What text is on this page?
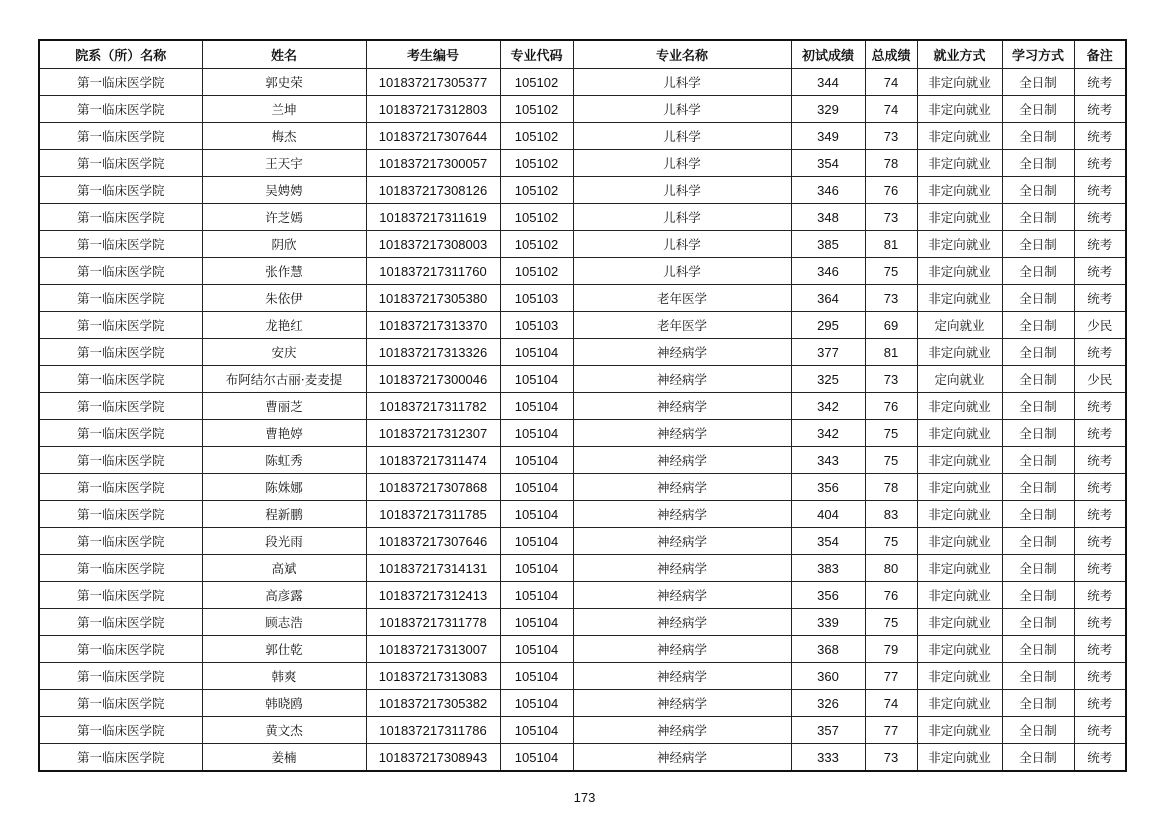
院系（所）名称	姓名	考生编号	专业代码	专业名称	初试成绩	总成绩	就业方式	学习方式	备注
第一临床医学院	郭史荣	101837217305377	105102	儿科学	344	74	非定向就业	全日制	统考
第一临床医学院	兰坤	101837217312803	105102	儿科学	329	74	非定向就业	全日制	统考
第一临床医学院	梅杰	101837217307644	105102	儿科学	349	73	非定向就业	全日制	统考
第一临床医学院	王天宇	101837217300057	105102	儿科学	354	78	非定向就业	全日制	统考
第一临床医学院	吴娉娉	101837217308126	105102	儿科学	346	76	非定向就业	全日制	统考
第一临床医学院	许芝嫣	101837217311619	105102	儿科学	348	73	非定向就业	全日制	统考
第一临床医学院	阴欣	101837217308003	105102	儿科学	385	81	非定向就业	全日制	统考
第一临床医学院	张作慧	101837217311760	105102	儿科学	346	75	非定向就业	全日制	统考
第一临床医学院	朱依伊	101837217305380	105103	老年医学	364	73	非定向就业	全日制	统考
第一临床医学院	龙艳红	101837217313370	105103	老年医学	295	69	定向就业	全日制	少民
第一临床医学院	安庆	101837217313326	105104	神经病学	377	81	非定向就业	全日制	统考
第一临床医学院	布阿结尔古丽·麦麦提	101837217300046	105104	神经病学	325	73	定向就业	全日制	少民
第一临床医学院	曹丽芝	101837217311782	105104	神经病学	342	76	非定向就业	全日制	统考
第一临床医学院	曹艳婷	101837217312307	105104	神经病学	342	75	非定向就业	全日制	统考
第一临床医学院	陈虹秀	101837217311474	105104	神经病学	343	75	非定向就业	全日制	统考
第一临床医学院	陈姝娜	101837217307868	105104	神经病学	356	78	非定向就业	全日制	统考
第一临床医学院	程新鹏	101837217311785	105104	神经病学	404	83	非定向就业	全日制	统考
第一临床医学院	段光雨	101837217307646	105104	神经病学	354	75	非定向就业	全日制	统考
第一临床医学院	高斌	101837217314131	105104	神经病学	383	80	非定向就业	全日制	统考
第一临床医学院	高彦露	101837217312413	105104	神经病学	356	76	非定向就业	全日制	统考
第一临床医学院	顾志浩	101837217311778	105104	神经病学	339	75	非定向就业	全日制	统考
第一临床医学院	郭仕乾	101837217313007	105104	神经病学	368	79	非定向就业	全日制	统考
第一临床医学院	韩爽	101837217313083	105104	神经病学	360	77	非定向就业	全日制	统考
第一临床医学院	韩晓鸥	101837217305382	105104	神经病学	326	74	非定向就业	全日制	统考
第一临床医学院	黄文杰	101837217311786	105104	神经病学	357	77	非定向就业	全日制	统考
第一临床医学院	姜楠	101837217308943	105104	神经病学	333	73	非定向就业	全日制	统考
173
